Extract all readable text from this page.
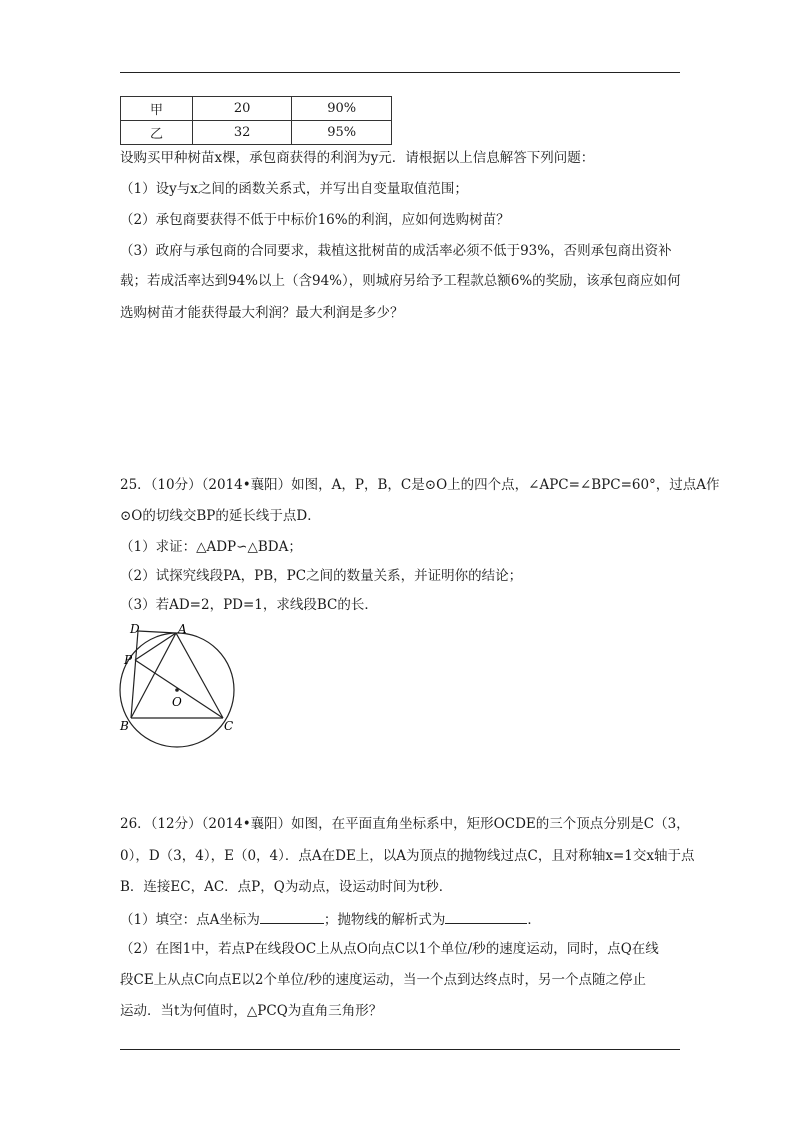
甲	20	90%
乙	32	95%
设购买甲种树苗x棵，承包商获得的利润为y元．请根据以上信息解答下列问题：
（1）设y与x之间的函数关系式，并写出自变量取值范围；
（2）承包商要获得不低于中标价16%的利润，应如何选购树苗？
（3）政府与承包商的合同要求，栽植这批树苗的成活率必须不低于93%，否则承包商出资补
载；若成活率达到94%以上（含94%），则城府另给予工程款总额6%的奖励，该承包商应如何
选购树苗才能获得最大利润？最大利润是多少？
25．（10分）（2014•襄阳）如图，A，P，B，C是⊙O上的四个点，∠APC=∠BPC=60°，过点A作
⊙O的切线交BP的延长线于点D．
（1）求证：△ADP∽△BDA；
（2）试探究线段PA，PB，PC之间的数量关系，并证明你的结论；
（3）若AD=2，PD=1，求线段BC的长．
D	A
P
O
B	C
26．（12分）（2014•襄阳）如图，在平面直角坐标系中，矩形OCDE的三个顶点分别是C（3，
0），D（3，4），E（0，4）．点A在DE上，以A为顶点的抛物线过点C，且对称轴x=1交x轴于点
B．连接EC，AC．点P，Q为动点，设运动时间为t秒．
（1）填空：点A坐标为	；抛物线的解析式为	．
（2）在图1中，若点P在线段OC上从点O向点C以1个单位/秒的速度运动，同时，点Q在线
段CE上从点C向点E以2个单位/秒的速度运动，当一个点到达终点时，另一个点随之停止
运动．当t为何值时，△PCQ为直角三角形？
